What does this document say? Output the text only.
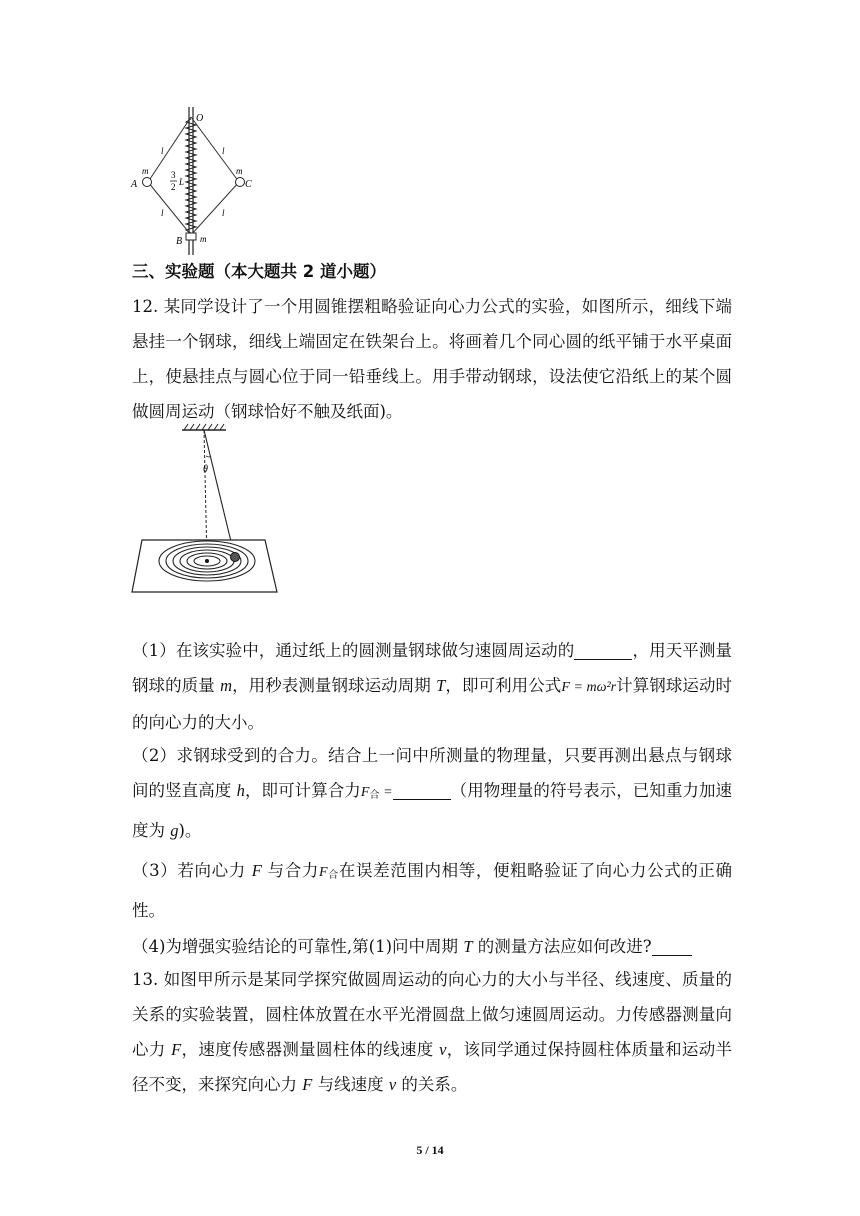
O
A	C
B
m	m
m
l	l
l	l
3
2 L
三、实验题（本大题共 2 道小题）
12. 某同学设计了一个用圆锥摆粗略验证向心力公式的实验，如图所示，细线下端悬挂一个钢球，细线上端固定在铁架台上。将画着几个同心圆的纸平铺于水平桌面上，使悬挂点与圆心位于同一铅垂线上。用手带动钢球，设法使它沿纸上的某个圆做圆周运动（钢球恰好不触及纸面)。
θ
（1）在该实验中，通过纸上的圆测量钢球做匀速圆周运动的	，用天平测量钢球的质量 m，用秒表测量钢球运动周期 T，即可利用公式F = mω²r计算钢球运动时的向心力的大小。
（2）求钢球受到的合力。结合上一问中所测量的物理量，只要再测出悬点与钢球间的竖直高度 h，即可计算合力$F_合$ =	（用物理量的符号表示，已知重力加速度为 g)。
（3）若向心力 F 与合力$F_合$在误差范围内相等，便粗略验证了向心力公式的正确性。
（4)为增强实验结论的可靠性,第(1)问中周期 T 的测量方法应如何改进?
13. 如图甲所示是某同学探究做圆周运动的向心力的大小与半径、线速度、质量的关系的实验装置，圆柱体放置在水平光滑圆盘上做匀速圆周运动。力传感器测量向心力 F，速度传感器测量圆柱体的线速度 v，该同学通过保持圆柱体质量和运动半径不变，来探究向心力 F 与线速度 v 的关系。
5 / 14
